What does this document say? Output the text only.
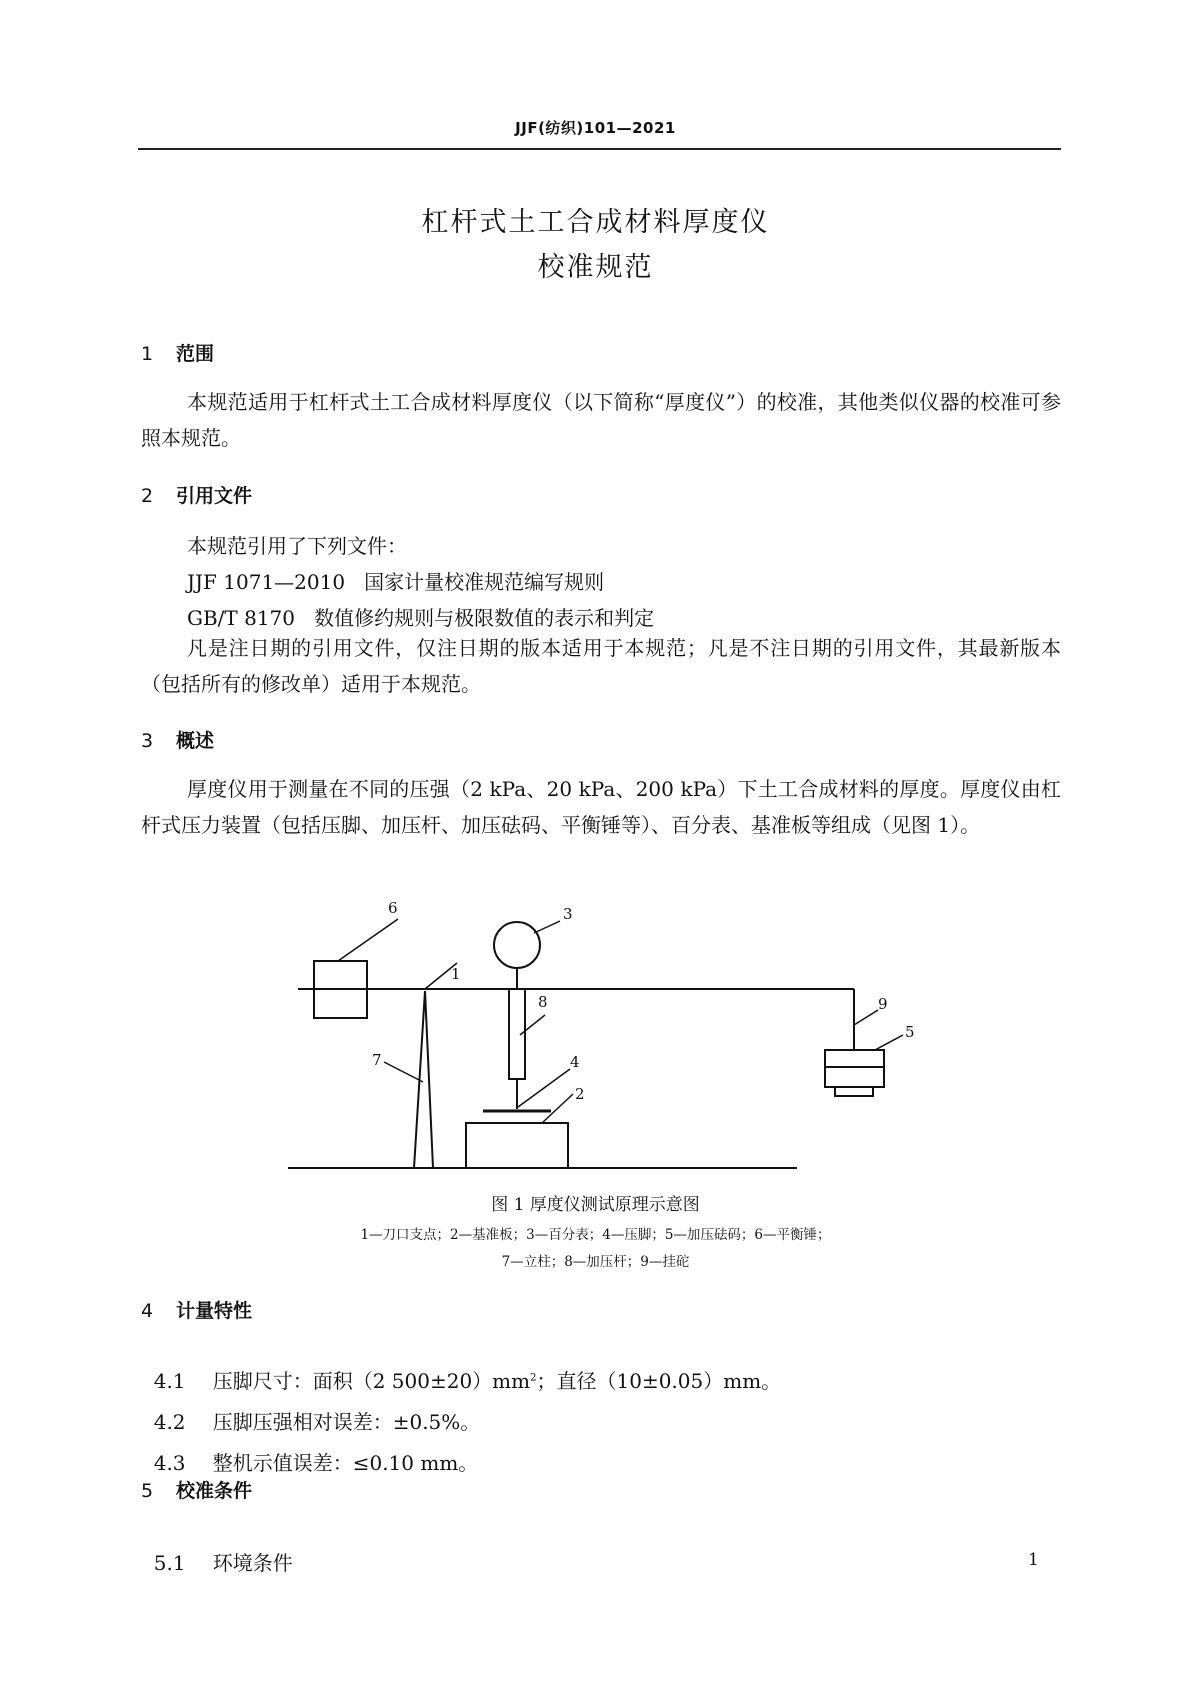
JJF(纺织)101—2021
杠杆式土工合成材料厚度仪
校准规范
1 范围

本规范适用于杠杆式土工合成材料厚度仪（以下简称“厚度仪”）的校准，其他类似仪器的校准可参照本规范。

2 引用文件
本规范引用了下列文件：
JJF 1071—2010   国家计量校准规范编写规则
GB/T 8170   数值修约规则与极限数值的表示和判定

凡是注日期的引用文件，仅注日期的版本适用于本规范；凡是不注日期的引用文件，其最新版本（包括所有的修改单）适用于本规范。

3 概述

厚度仪用于测量在不同的压强（2 kPa、20 kPa、200 kPa）下土工合成材料的厚度。厚度仪由杠杆式压力装置（包括压脚、加压杆、加压砝码、平衡锤等）、百分表、基准板等组成（见图 1）。

1
2
3
4
5
6
7
8	9
图 1 厚度仪测试原理示意图
1—刀口支点；2—基准板；3—百分表；4—压脚；5—加压砝码；6—平衡锤；
7—立柱；8—加压杆；9—挂砣
4 计量特性

4.1 压脚尺寸：面积（2 $500\pm 20)mm^2$；直径（10±0.05）mm。

4.2 压脚压强相对误差：±0.5%。

4.3 整机示值误差：≤0.10 mm。

5 校准条件

5.1 环境条件	1
